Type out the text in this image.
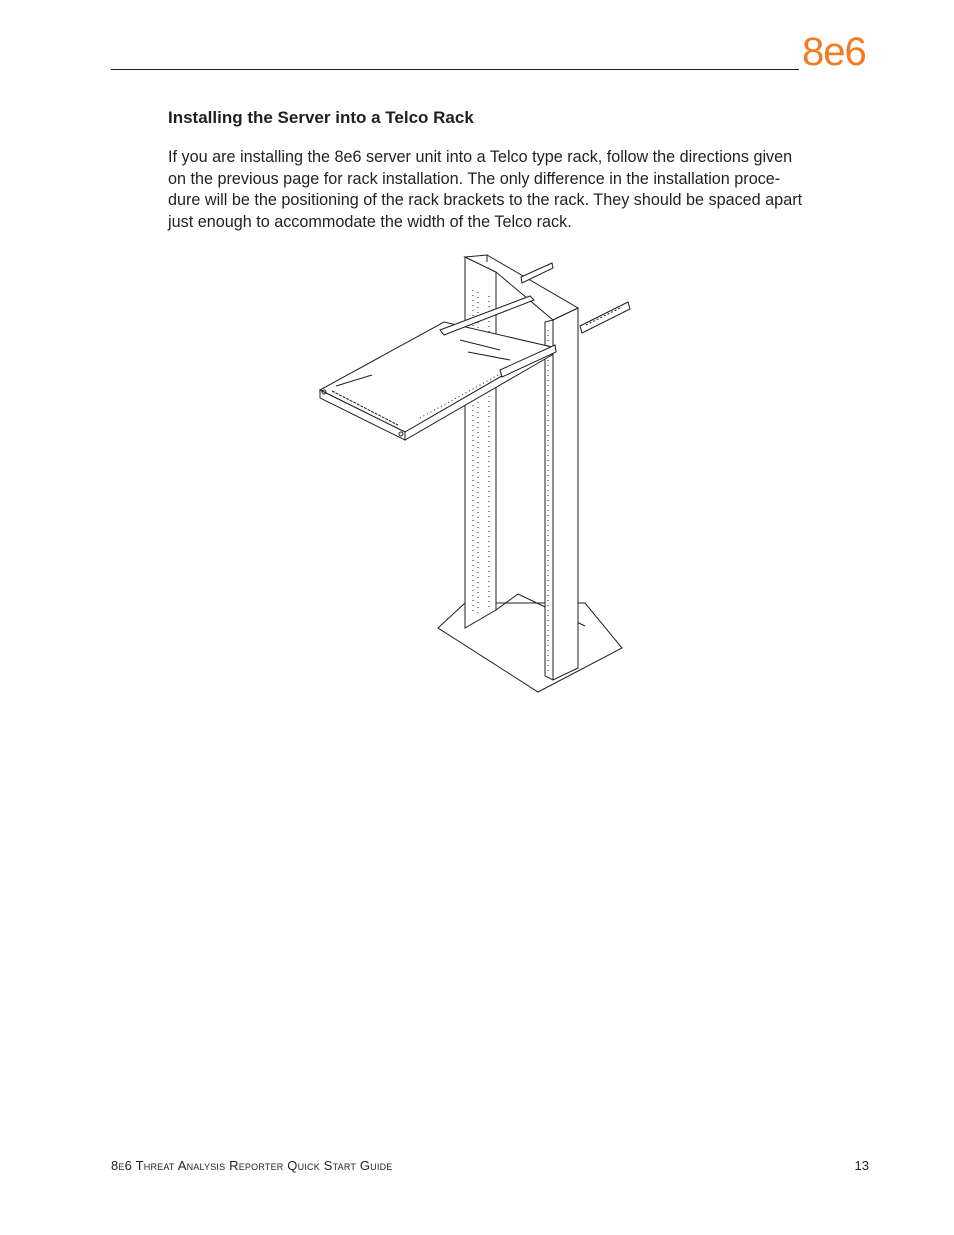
8e6
Installing the Server into a Telco Rack

If you are installing the 8e6 server unit into a Telco type rack, follow the directions given
on the previous page for rack installation. The only difference in the installation proce-
dure will be the positioning of the rack brackets to the rack. They should be spaced apart
just enough to accommodate the width of the Telco rack.

8e6 Threat Analysis Reporter Quick Start Guide	13
